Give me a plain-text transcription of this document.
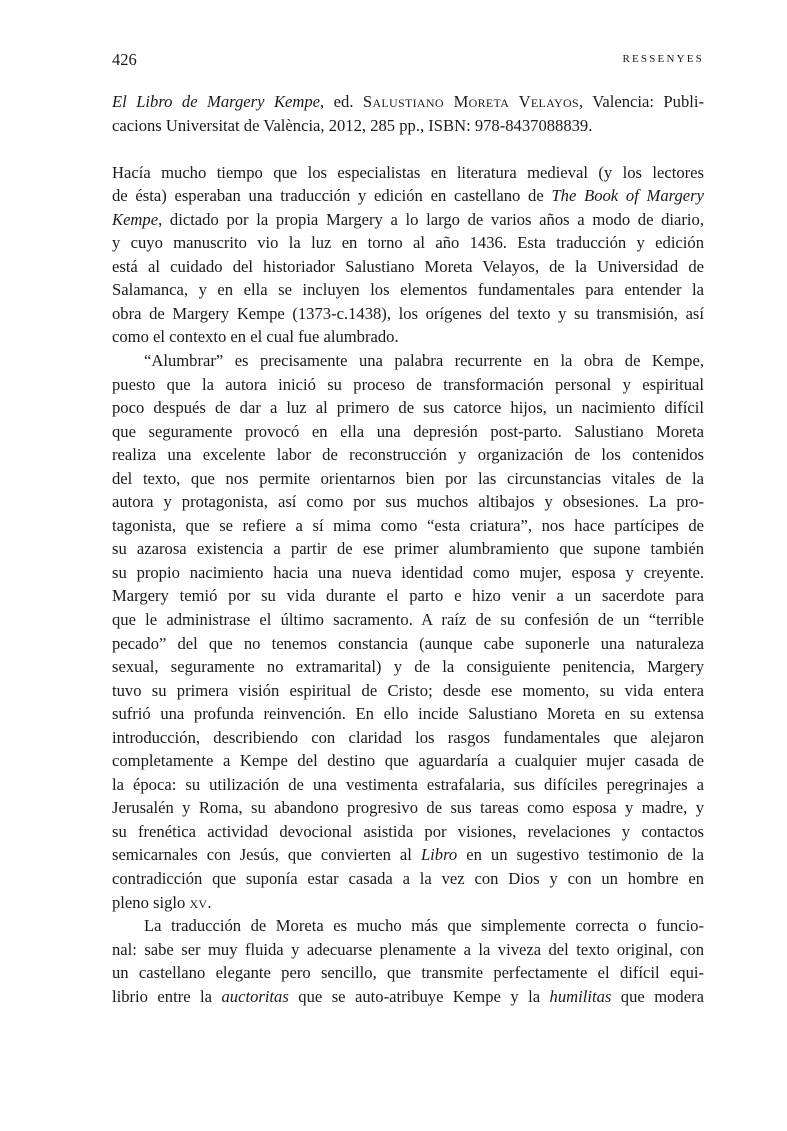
426	RESSENYES
El Libro de Margery Kempe, ed. Salustiano Moreta Velayos, Valencia: Publi-
cacions Universitat de València, 2012, 285 pp., ISBN: 978-8437088839.
Hacía mucho tiempo que los especialistas en literatura medieval (y los lectores
de ésta) esperaban una traducción y edición en castellano de The Book of Margery
Kempe, dictado por la propia Margery a lo largo de varios años a modo de diario,
y cuyo manuscrito vio la luz en torno al año 1436. Esta traducción y edición
está al cuidado del historiador Salustiano Moreta Velayos, de la Universidad de
Salamanca, y en ella se incluyen los elementos fundamentales para entender la
obra de Margery Kempe (1373-c.1438), los orígenes del texto y su transmisión, así
como el contexto en el cual fue alumbrado.
“Alumbrar” es precisamente una palabra recurrente en la obra de Kempe,
puesto que la autora inició su proceso de transformación personal y espiritual
poco después de dar a luz al primero de sus catorce hijos, un nacimiento difícil
que seguramente provocó en ella una depresión post-parto. Salustiano Moreta
realiza una excelente labor de reconstrucción y organización de los contenidos
del texto, que nos permite orientarnos bien por las circunstancias vitales de la
autora y protagonista, así como por sus muchos altibajos y obsesiones. La pro-
tagonista, que se refiere a sí mima como “esta criatura”, nos hace partícipes de
su azarosa existencia a partir de ese primer alumbramiento que supone también
su propio nacimiento hacia una nueva identidad como mujer, esposa y creyente.
Margery temió por su vida durante el parto e hizo venir a un sacerdote para
que le administrase el último sacramento. A raíz de su confesión de un “terrible
pecado” del que no tenemos constancia (aunque cabe suponerle una naturaleza
sexual, seguramente no extramarital) y de la consiguiente penitencia, Margery
tuvo su primera visión espiritual de Cristo; desde ese momento, su vida entera
sufrió una profunda reinvención. En ello incide Salustiano Moreta en su extensa
introducción, describiendo con claridad los rasgos fundamentales que alejaron
completamente a Kempe del destino que aguardaría a cualquier mujer casada de
la época: su utilización de una vestimenta estrafalaria, sus difíciles peregrinajes a
Jerusalén y Roma, su abandono progresivo de sus tareas como esposa y madre, y
su frenética actividad devocional asistida por visiones, revelaciones y contactos
semicarnales con Jesús, que convierten al Libro en un sugestivo testimonio de la
contradicción que suponía estar casada a la vez con Dios y con un hombre en
pleno siglo xv.
La traducción de Moreta es mucho más que simplemente correcta o funcio-
nal: sabe ser muy fluida y adecuarse plenamente a la viveza del texto original, con
un castellano elegante pero sencillo, que transmite perfectamente el difícil equi-
librio entre la auctoritas que se auto-atribuye Kempe y la humilitas que modera
